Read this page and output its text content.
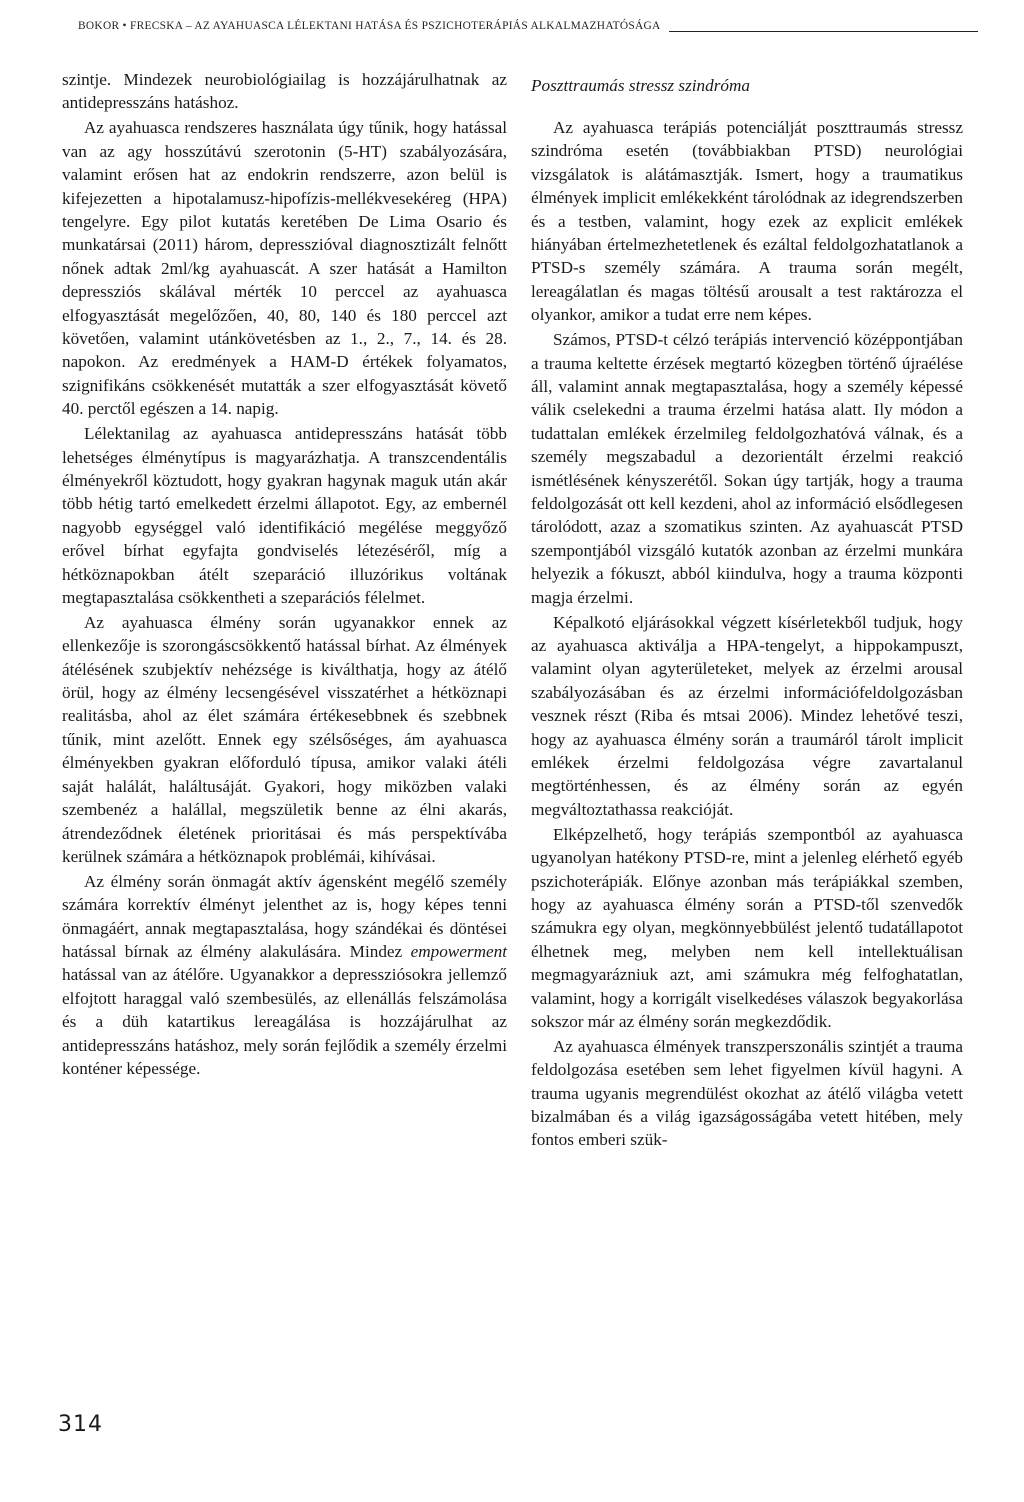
BOKOR • FRECSKA – AZ AYAHUASCA LÉLEKTANI HATÁSA ÉS PSZICHOTERÁPIÁS ALKALMAZHATÓSÁGA

szintje. Mindezek neurobiológiailag is hozzájárulhatnak az antidepresszáns hatáshoz.

Az ayahuasca rendszeres használata úgy tűnik, hogy hatással van az agy hosszútávú szerotonin (5-HT) szabályozására, valamint erősen hat az endokrin rendszerre, azon belül is kifejezetten a hipotalamusz-hipofízis-mellékvesekéreg (HPA) tengelyre. Egy pilot kutatás keretében De Lima Osario és munkatársai (2011) három, depresszióval diagnosztizált felnőtt nőnek adtak 2ml/kg ayahuascát. A szer hatását a Hamilton depressziós skálával mérték 10 perccel az ayahuasca elfogyasztását megelőzően, 40, 80, 140 és 180 perccel azt követően, valamint utánkövetésben az 1., 2., 7., 14. és 28. napokon. Az eredmények a HAM-D értékek folyamatos, szignifikáns csökkenését mutatták a szer elfogyasztását követő 40. perctől egészen a 14. napig.

Lélektanilag az ayahuasca antidepresszáns hatását több lehetséges élménytípus is magyarázhatja. A transzcendentális élményekről köztudott, hogy gyakran hagynak maguk után akár több hétig tartó emelkedett érzelmi állapotot. Egy, az embernél nagyobb egységgel való identifikáció megélése meggyőző erővel bírhat egyfajta gondviselés létezéséről, míg a hétköznapokban átélt szeparáció illuzórikus voltának megtapasztalása csökkentheti a szeparációs félelmet.

Az ayahuasca élmény során ugyanakkor ennek az ellenkezője is szorongáscsökkentő hatással bírhat. Az élmények átélésének szubjektív nehézsége is kiválthatja, hogy az átélő örül, hogy az élmény lecsengésével visszatérhet a hétköznapi realitásba, ahol az élet számára értékesebbnek és szebbnek tűnik, mint azelőtt. Ennek egy szélsőséges, ám ayahuasca élményekben gyakran előforduló típusa, amikor valaki átéli saját halálát, haláltusáját. Gyakori, hogy miközben valaki szembenéz a halállal, megszületik benne az élni akarás, átrendeződnek életének prioritásai és más perspektívába kerülnek számára a hétköznapok problémái, kihívásai.

Az élmény során önmagát aktív ágensként megélő személy számára korrektív élményt jelenthet az is, hogy képes tenni önmagáért, annak megtapasztalása, hogy szándékai és döntései hatással bírnak az élmény alakulására. Mindez empowerment hatással van az átélőre. Ugyanakkor a depressziósokra jellemző elfojtott haraggal való szembesülés, az ellenállás felszámolása és a düh katartikus lereagálása is hozzájárulhat az antidepresszáns hatáshoz, mely során fejlődik a személy érzelmi konténer képessége.

Poszttraumás stressz szindróma

Az ayahuasca terápiás potenciálját poszttraumás stressz szindróma esetén (továbbiakban PTSD) neurológiai vizsgálatok is alátámasztják. Ismert, hogy a traumatikus élmények implicit emlékekként tárolódnak az idegrendszerben és a testben, valamint, hogy ezek az explicit emlékek hiányában értelmezhetetlenek és ezáltal feldolgozhatatlanok a PTSD-s személy számára. A trauma során megélt, lereagálatlan és magas töltésű arousalt a test raktározza el olyankor, amikor a tudat erre nem képes.

Számos, PTSD-t célzó terápiás intervenció középpontjában a trauma keltette érzések megtartó közegben történő újraélése áll, valamint annak megtapasztalása, hogy a személy képessé válik cselekedni a trauma érzelmi hatása alatt. Ily módon a tudattalan emlékek érzelmileg feldolgozhatóvá válnak, és a személy megszabadul a dezorientált érzelmi reakció ismétlésének kényszerétől. Sokan úgy tartják, hogy a trauma feldolgozását ott kell kezdeni, ahol az információ elsődlegesen tárolódott, azaz a szomatikus szinten. Az ayahuascát PTSD szempontjából vizsgáló kutatók azonban az érzelmi munkára helyezik a fókuszt, abból kiindulva, hogy a trauma központi magja érzelmi.

Képalkotó eljárásokkal végzett kísérletekből tudjuk, hogy az ayahuasca aktiválja a HPA-tengelyt, a hippokampuszt, valamint olyan agyterületeket, melyek az érzelmi arousal szabályozásában és az érzelmi információfeldolgozásban vesznek részt (Riba és mtsai 2006). Mindez lehetővé teszi, hogy az ayahuasca élmény során a traumáról tárolt implicit emlékek érzelmi feldolgozása végre zavartalanul megtörténhessen, és az élmény során az egyén megváltoztathassa reakcióját.

Elképzelhető, hogy terápiás szempontból az ayahuasca ugyanolyan hatékony PTSD-re, mint a jelenleg elérhető egyéb pszichoterápiák. Előnye azonban más terápiákkal szemben, hogy az ayahuasca élmény során a PTSD-től szenvedők számukra egy olyan, megkönnyebbülést jelentő tudatállapotot élhetnek meg, melyben nem kell intellektuálisan megmagyarázniuk azt, ami számukra még felfoghatatlan, valamint, hogy a korrigált viselkedéses válaszok begyakorlása sokszor már az élmény során megkezdődik.

Az ayahuasca élmények transzperszonális szintjét a trauma feldolgozása esetében sem lehet figyelmen kívül hagyni. A trauma ugyanis megrendülést okozhat az átélő világba vetett bizalmában és a világ igazságosságába vetett hitében, mely fontos emberi szük-

314
